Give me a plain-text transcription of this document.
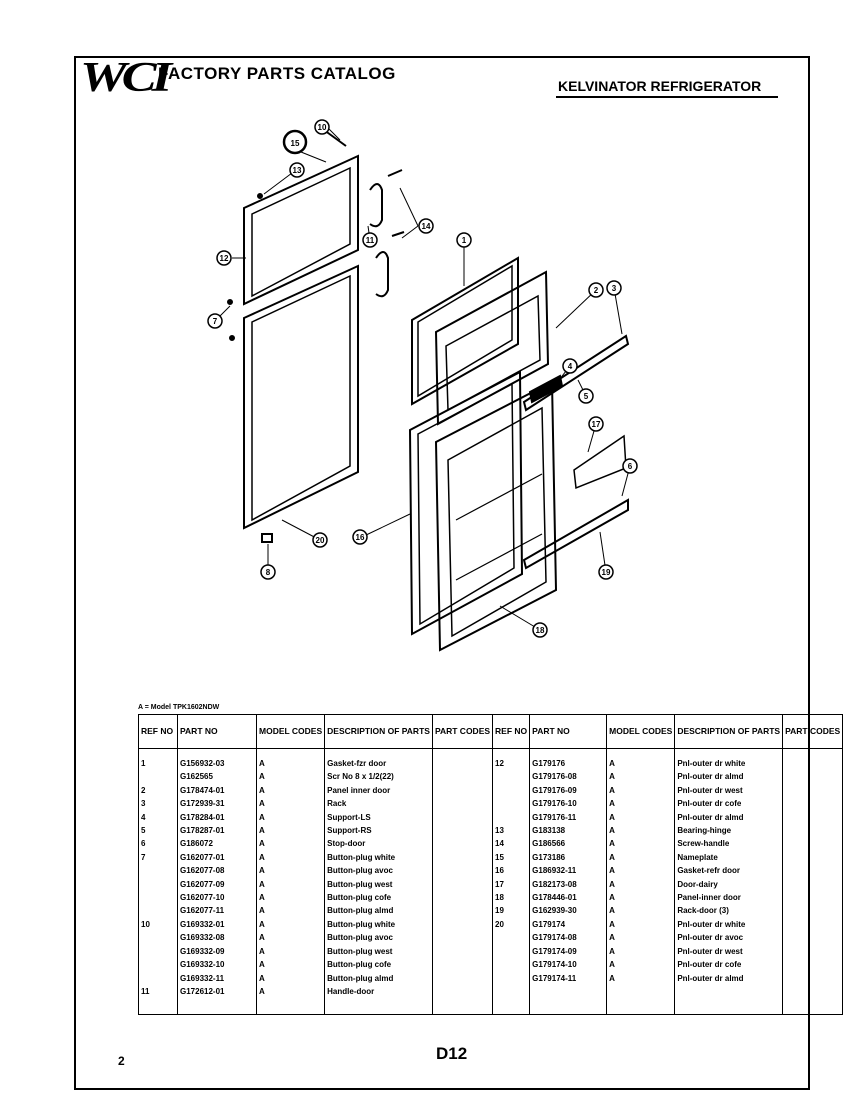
WCI
FACTORY PARTS CATALOG
KELVINATOR REFRIGERATOR
15
10
13
14
11
12
7
1
2 3
4
5
17
6
20
8
16
19
18
A = Model TPK1602NDW
REF NO	PART NO	MODEL CODES	DESCRIPTION OF PARTS	PART CODES	REF NO	PART NO	MODEL CODES	DESCRIPTION OF PARTS	PART CODES
1	G156932-03	A	Gasket-fzr door		12	G179176	A	Pnl-outer dr white	
	G162565	A	Scr No 8 x 1/2(22)			G179176-08	A	Pnl-outer dr almd	
2	G178474-01	A	Panel inner door			G179176-09	A	Pnl-outer dr west	
3	G172939-31	A	Rack			G179176-10	A	Pnl-outer dr cofe	
4	G178284-01	A	Support-LS			G179176-11	A	Pnl-outer dr almd	
5	G178287-01	A	Support-RS		13	G183138	A	Bearing-hinge	
6	G186072	A	Stop-door		14	G186566	A	Screw-handle	
7	G162077-01	A	Button-plug white		15	G173186	A	Nameplate	
	G162077-08	A	Button-plug avoc		16	G186932-11	A	Gasket-refr door	
	G162077-09	A	Button-plug west		17	G182173-08	A	Door-dairy	
	G162077-10	A	Button-plug cofe		18	G178446-01	A	Panel-inner door	
	G162077-11	A	Button-plug almd		19	G162939-30	A	Rack-door (3)	
10	G169332-01	A	Button-plug white		20	G179174	A	Pnl-outer dr white	
	G169332-08	A	Button-plug avoc			G179174-08	A	Pnl-outer dr avoc	
	G169332-09	A	Button-plug west			G179174-09	A	Pnl-outer dr west	
	G169332-10	A	Button-plug cofe			G179174-10	A	Pnl-outer dr cofe	
	G169332-11	A	Button-plug almd			G179174-11	A	Pnl-outer dr almd	
11	G172612-01	A	Handle-door						

2	D12
